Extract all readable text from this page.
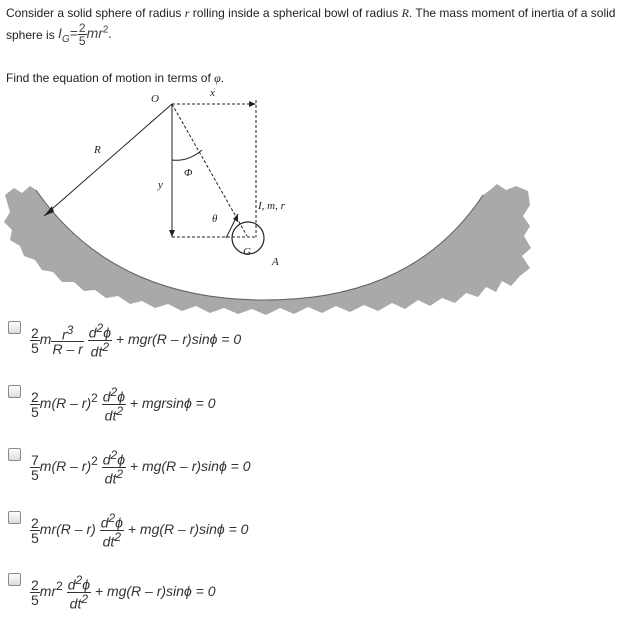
Consider a solid sphere of radius r rolling inside a spherical bowl of radius R. The mass moment of inertia of a solid
sphere is $I_G= \frac{2}{5} mr^2$.
Find the equation of motion in terms of φ.
O	x
R
y
Φ
θ
G
A
I, m, r
$\frac{2}{5}$ m $\frac{r^3}{R - r}$
$\frac{d^2\phi}{dt^2} + mgr(R - r)\sin\phi = 0$
$\frac{2}{5} m(R - r)^2 \frac{d^2\phi}{dt^2} + mgrsin\phi = 0$
$\frac{7}{5} m(R - r)^2 \frac{d^2\phi}{dt^2} + mg(R - r)\sin\phi = 0$
$\frac{2}{5} mr(R - r) \frac{d^2\phi}{dt^2} + mg(R - r)\sin\phi = 0$
$\frac{2}{5} mr^2 \frac{d^2\phi}{dt^2} + mg(R - r)\sin\phi = 0$
